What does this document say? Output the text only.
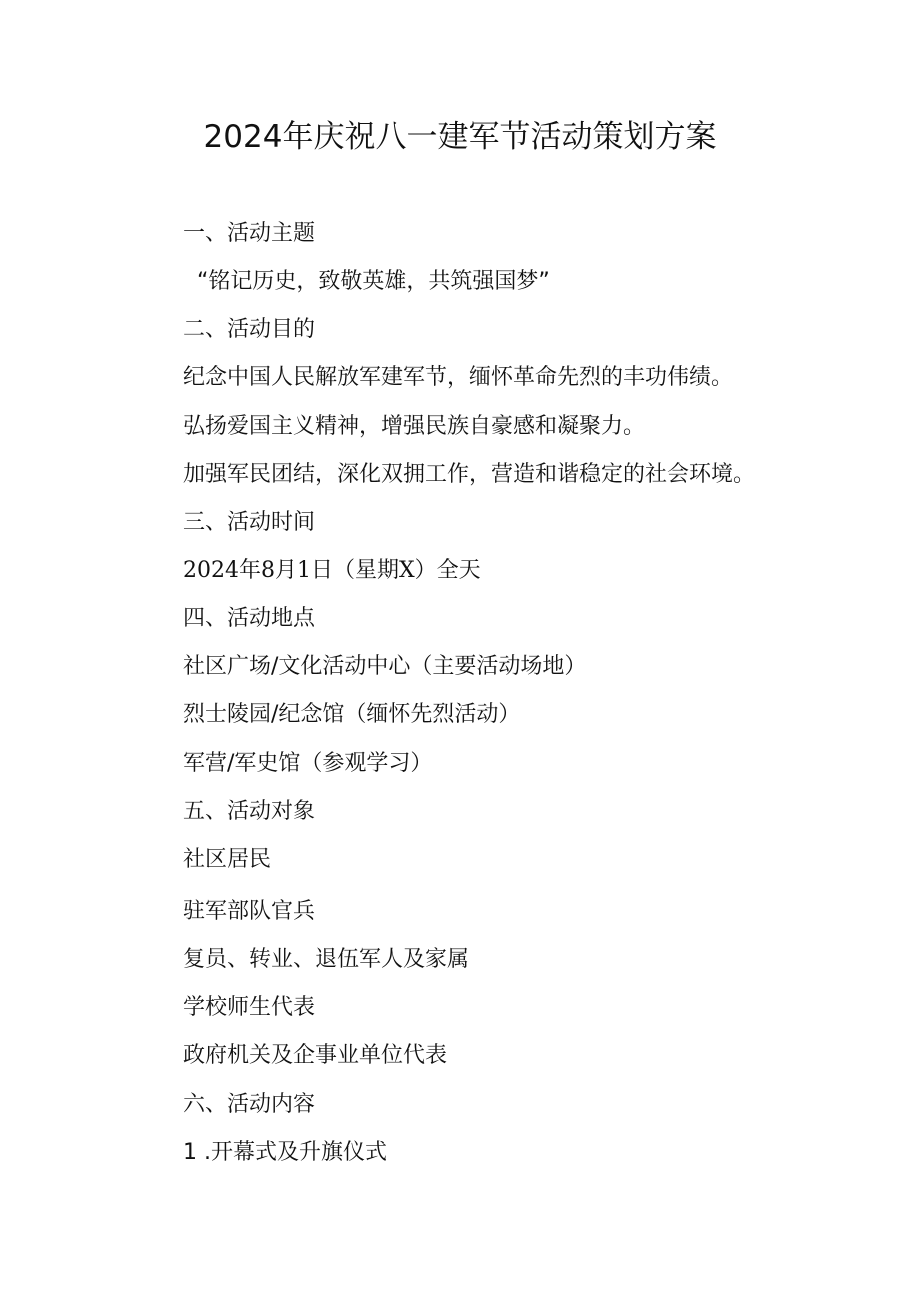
2024年庆祝八一建军节活动策划方案
一、活动主题
“铭记历史，致敬英雄，共筑强国梦”
二、活动目的
纪念中国人民解放军建军节，缅怀革命先烈的丰功伟绩。
弘扬爱国主义精神，增强民族自豪感和凝聚力。
加强军民团结，深化双拥工作，营造和谐稳定的社会环境。
三、活动时间
2024年8月1日（星期X）全天
四、活动地点
社区广场/文化活动中心（主要活动场地）
烈士陵园/纪念馆（缅怀先烈活动）
军营/军史馆（参观学习）
五、活动对象
社区居民
驻军部队官兵
复员、转业、退伍军人及家属
学校师生代表
政府机关及企事业单位代表
六、活动内容
1 .开幕式及升旗仪式
